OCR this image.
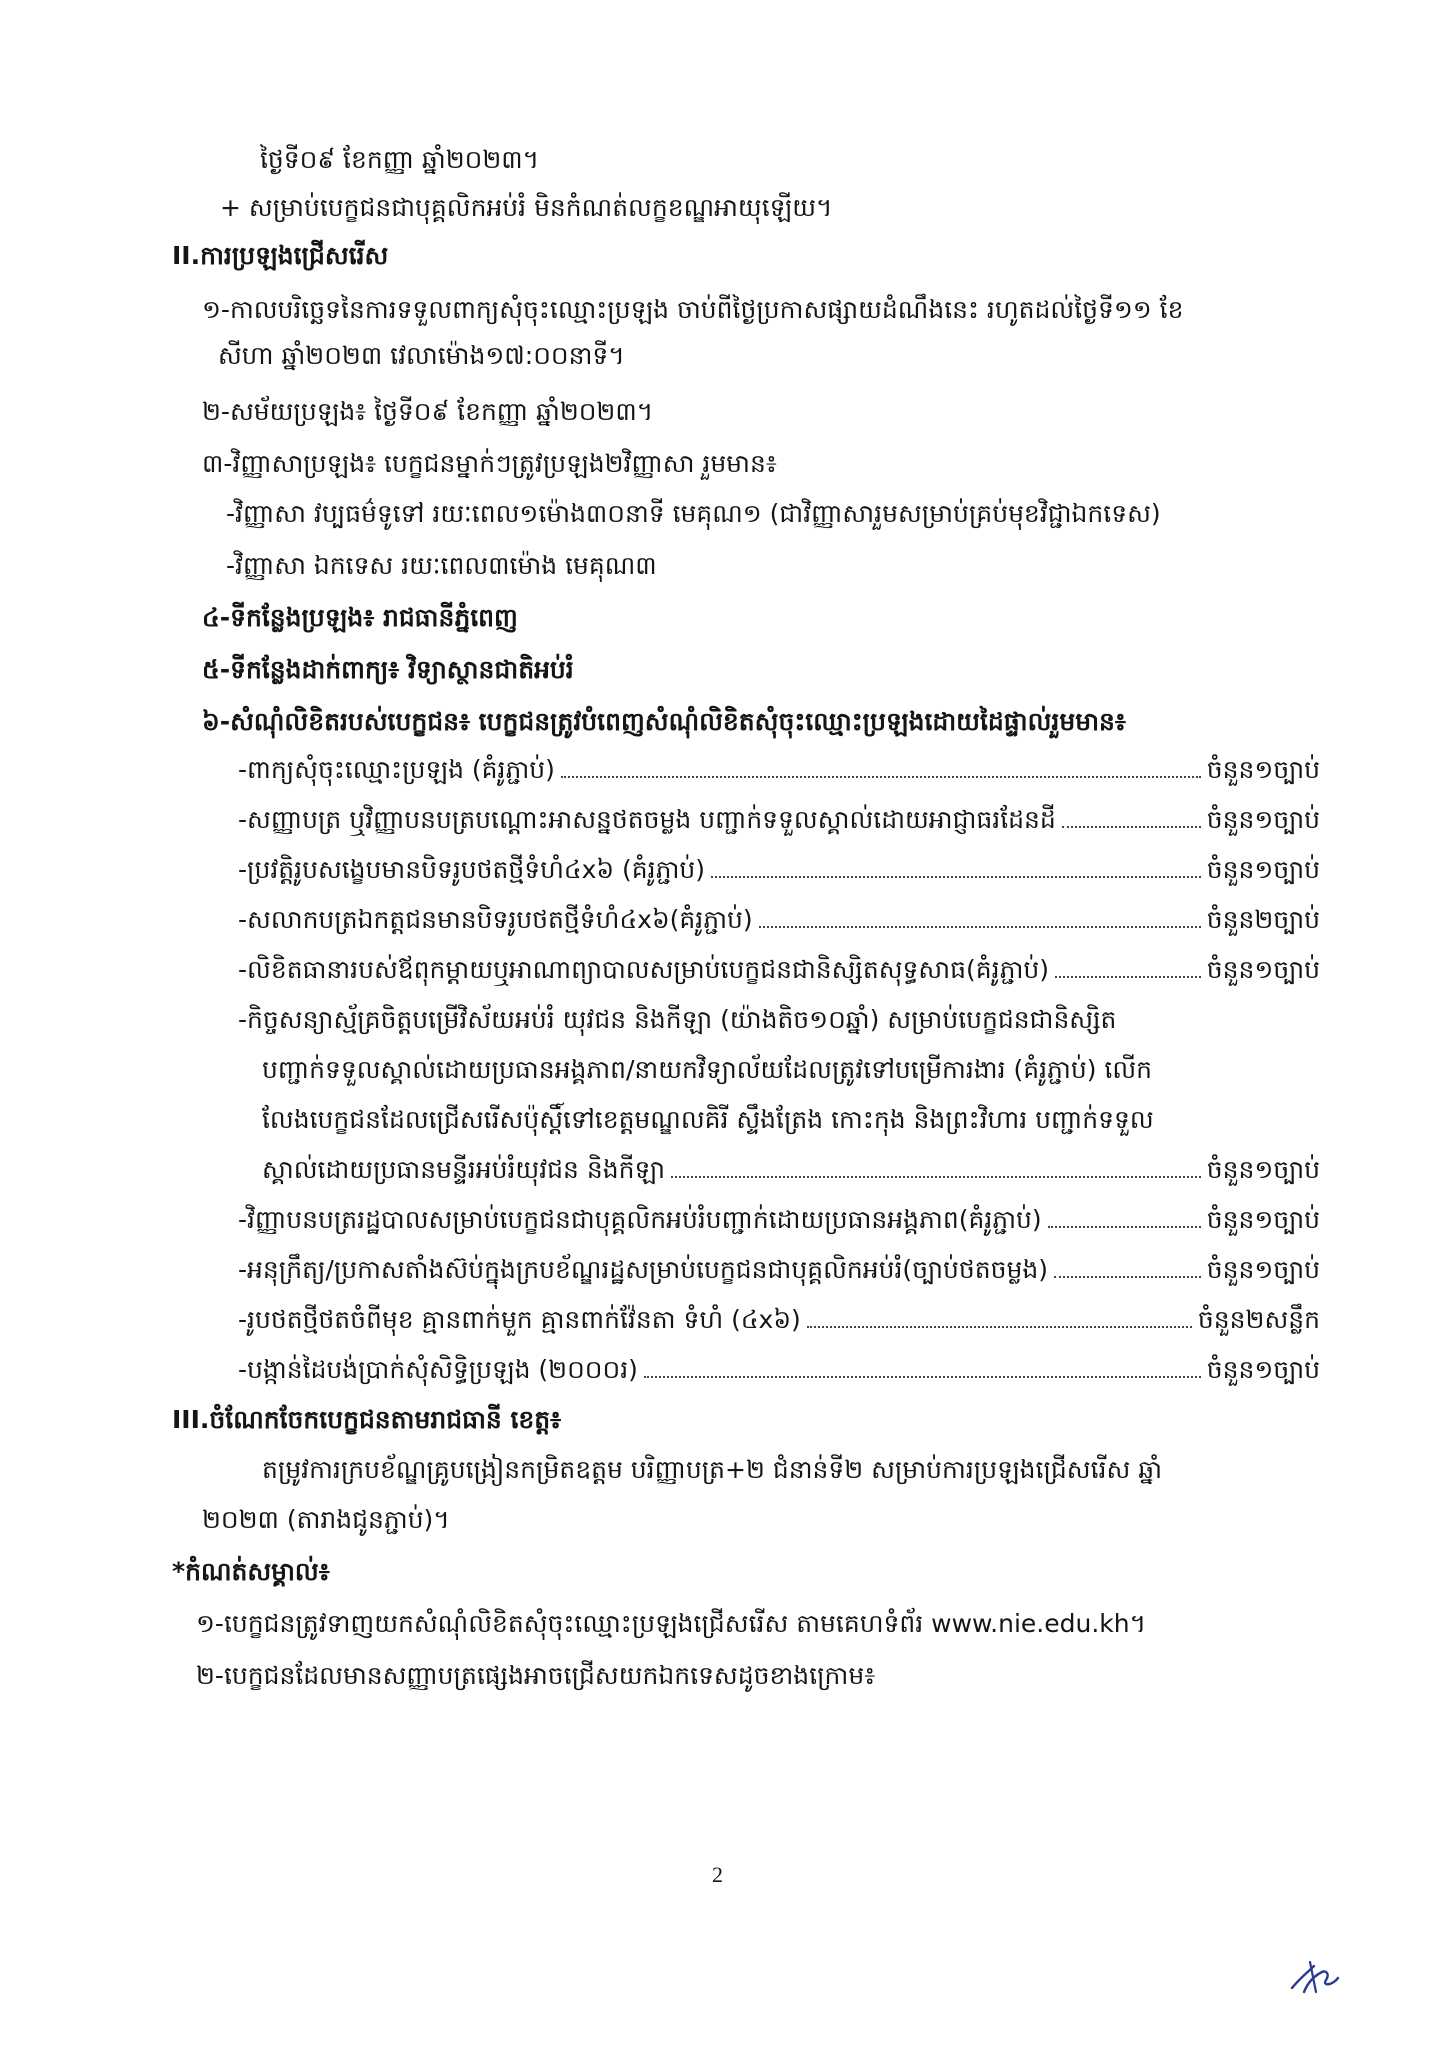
ថ្ងៃទី០៩ ខែកញ្ញា ឆ្នាំ២០២៣។
+ សម្រាប់បេក្ខជនជាបុគ្គលិកអប់រំ មិនកំណត់លក្ខខណ្ឌអាយុឡើយ។
II.ការប្រឡងជ្រើសរើស
១-កាលបរិច្ឆេទនៃការទទួលពាក្យសុំចុះឈ្មោះប្រឡង ចាប់ពីថ្ងៃប្រកាសផ្សាយដំណឹងនេះ រហូតដល់ថ្ងៃទី១១ ខែ
សីហា ឆ្នាំ២០២៣ វេលាម៉ោង១៧:០០នាទី។
២-សម័យប្រឡង៖ ថ្ងៃទី០៩ ខែកញ្ញា ឆ្នាំ២០២៣។
៣-វិញ្ញាសាប្រឡង៖ បេក្ខជនម្នាក់ៗត្រូវប្រឡង២វិញ្ញាសា រួមមាន៖
-វិញ្ញាសា វប្បធម៌ទូទៅ រយៈពេល១ម៉ោង៣០នាទី មេគុណ១ (ជាវិញ្ញាសារួមសម្រាប់គ្រប់មុខវិជ្ជាឯកទេស)
-វិញ្ញាសា ឯកទេស រយៈពេល៣ម៉ោង មេគុណ៣
៤-ទីកន្លែងប្រឡង៖ រាជធានីភ្នំពេញ
៥-ទីកន្លែងដាក់ពាក្យ៖ វិទ្យាស្ថានជាតិអប់រំ
៦-សំណុំលិខិតរបស់បេក្ខជន៖ បេក្ខជនត្រូវបំពេញសំណុំលិខិតសុំចុះឈ្មោះប្រឡងដោយដៃផ្ទាល់រួមមាន៖
-ពាក្យសុំចុះឈ្មោះប្រឡង (គំរូភ្ជាប់)	ចំនួន១ច្បាប់
-សញ្ញាបត្រ ឬវិញ្ញាបនបត្របណ្ដោះអាសន្នថតចម្លង បញ្ជាក់ទទួលស្គាល់ដោយអាជ្ញាធរដែនដី	ចំនួន១ច្បាប់
-ប្រវត្តិរូបសង្ខេបមានបិទរូបថតថ្មីទំហំ៤x៦ (គំរូភ្ជាប់)	ចំនួន១ច្បាប់
-សលាកបត្រឯកត្តជនមានបិទរូបថតថ្មីទំហំ៤x៦(គំរូភ្ជាប់)	ចំនួន២ច្បាប់
-លិខិតធានារបស់ឪពុកម្ដាយឬអាណាព្យាបាលសម្រាប់បេក្ខជនជានិស្សិតសុទ្ធសាធ(គំរូភ្ជាប់)	ចំនួន១ច្បាប់
-កិច្ចសន្យាស្ម័គ្រចិត្តបម្រើវិស័យអប់រំ យុវជន និងកីឡា (យ៉ាងតិច១០ឆ្នាំ) សម្រាប់បេក្ខជនជានិស្សិត
បញ្ជាក់ទទួលស្គាល់ដោយប្រធានអង្គភាព/នាយកវិទ្យាល័យដែលត្រូវទៅបម្រើការងារ (គំរូភ្ជាប់) លើក
លែងបេក្ខជនដែលជ្រើសរើសប៉ុស្តិ៍ទៅខេត្តមណ្ឌលគិរី ស្ទឹងត្រែង កោះកុង និងព្រះវិហារ បញ្ជាក់ទទួល
ស្គាល់ដោយប្រធានមន្ទីរអប់រំយុវជន និងកីឡា	ចំនួន១ច្បាប់
-វិញ្ញាបនបត្ររដ្ឋបាលសម្រាប់បេក្ខជនជាបុគ្គលិកអប់រំបញ្ជាក់ដោយប្រធានអង្គភាព(គំរូភ្ជាប់)	ចំនួន១ច្បាប់
-អនុក្រឹត្យ/ប្រកាសតាំងស៊ប់ក្នុងក្របខ័ណ្ឌរដ្ឋសម្រាប់បេក្ខជនជាបុគ្គលិកអប់រំ(ច្បាប់ថតចម្លង)	ចំនួន១ច្បាប់
-រូបថតថ្មីថតចំពីមុខ គ្មានពាក់មួក គ្មានពាក់វ៉ែនតា ទំហំ (៤x៦)	ចំនួន២សន្លឹក
-បង្កាន់ដៃបង់ប្រាក់សុំសិទ្ធិប្រឡង (២០០០រ)	ចំនួន១ច្បាប់
III.ចំណែកចែកបេក្ខជនតាមរាជធានី ខេត្ត៖
តម្រូវការក្របខ័ណ្ឌគ្រូបង្រៀនកម្រិតឧត្តម បរិញ្ញាបត្រ+២ ជំនាន់ទី២ សម្រាប់ការប្រឡងជ្រើសរើស ឆ្នាំ
២០២៣ (តារាងជូនភ្ជាប់)។
*កំណត់សម្គាល់៖
១-បេក្ខជនត្រូវទាញយកសំណុំលិខិតសុំចុះឈ្មោះប្រឡងជ្រើសរើស តាមគេហទំព័រ www.nie.edu.kh។
២-បេក្ខជនដែលមានសញ្ញាបត្រផ្សេងអាចជ្រើសយកឯកទេសដូចខាងក្រោម៖
2
